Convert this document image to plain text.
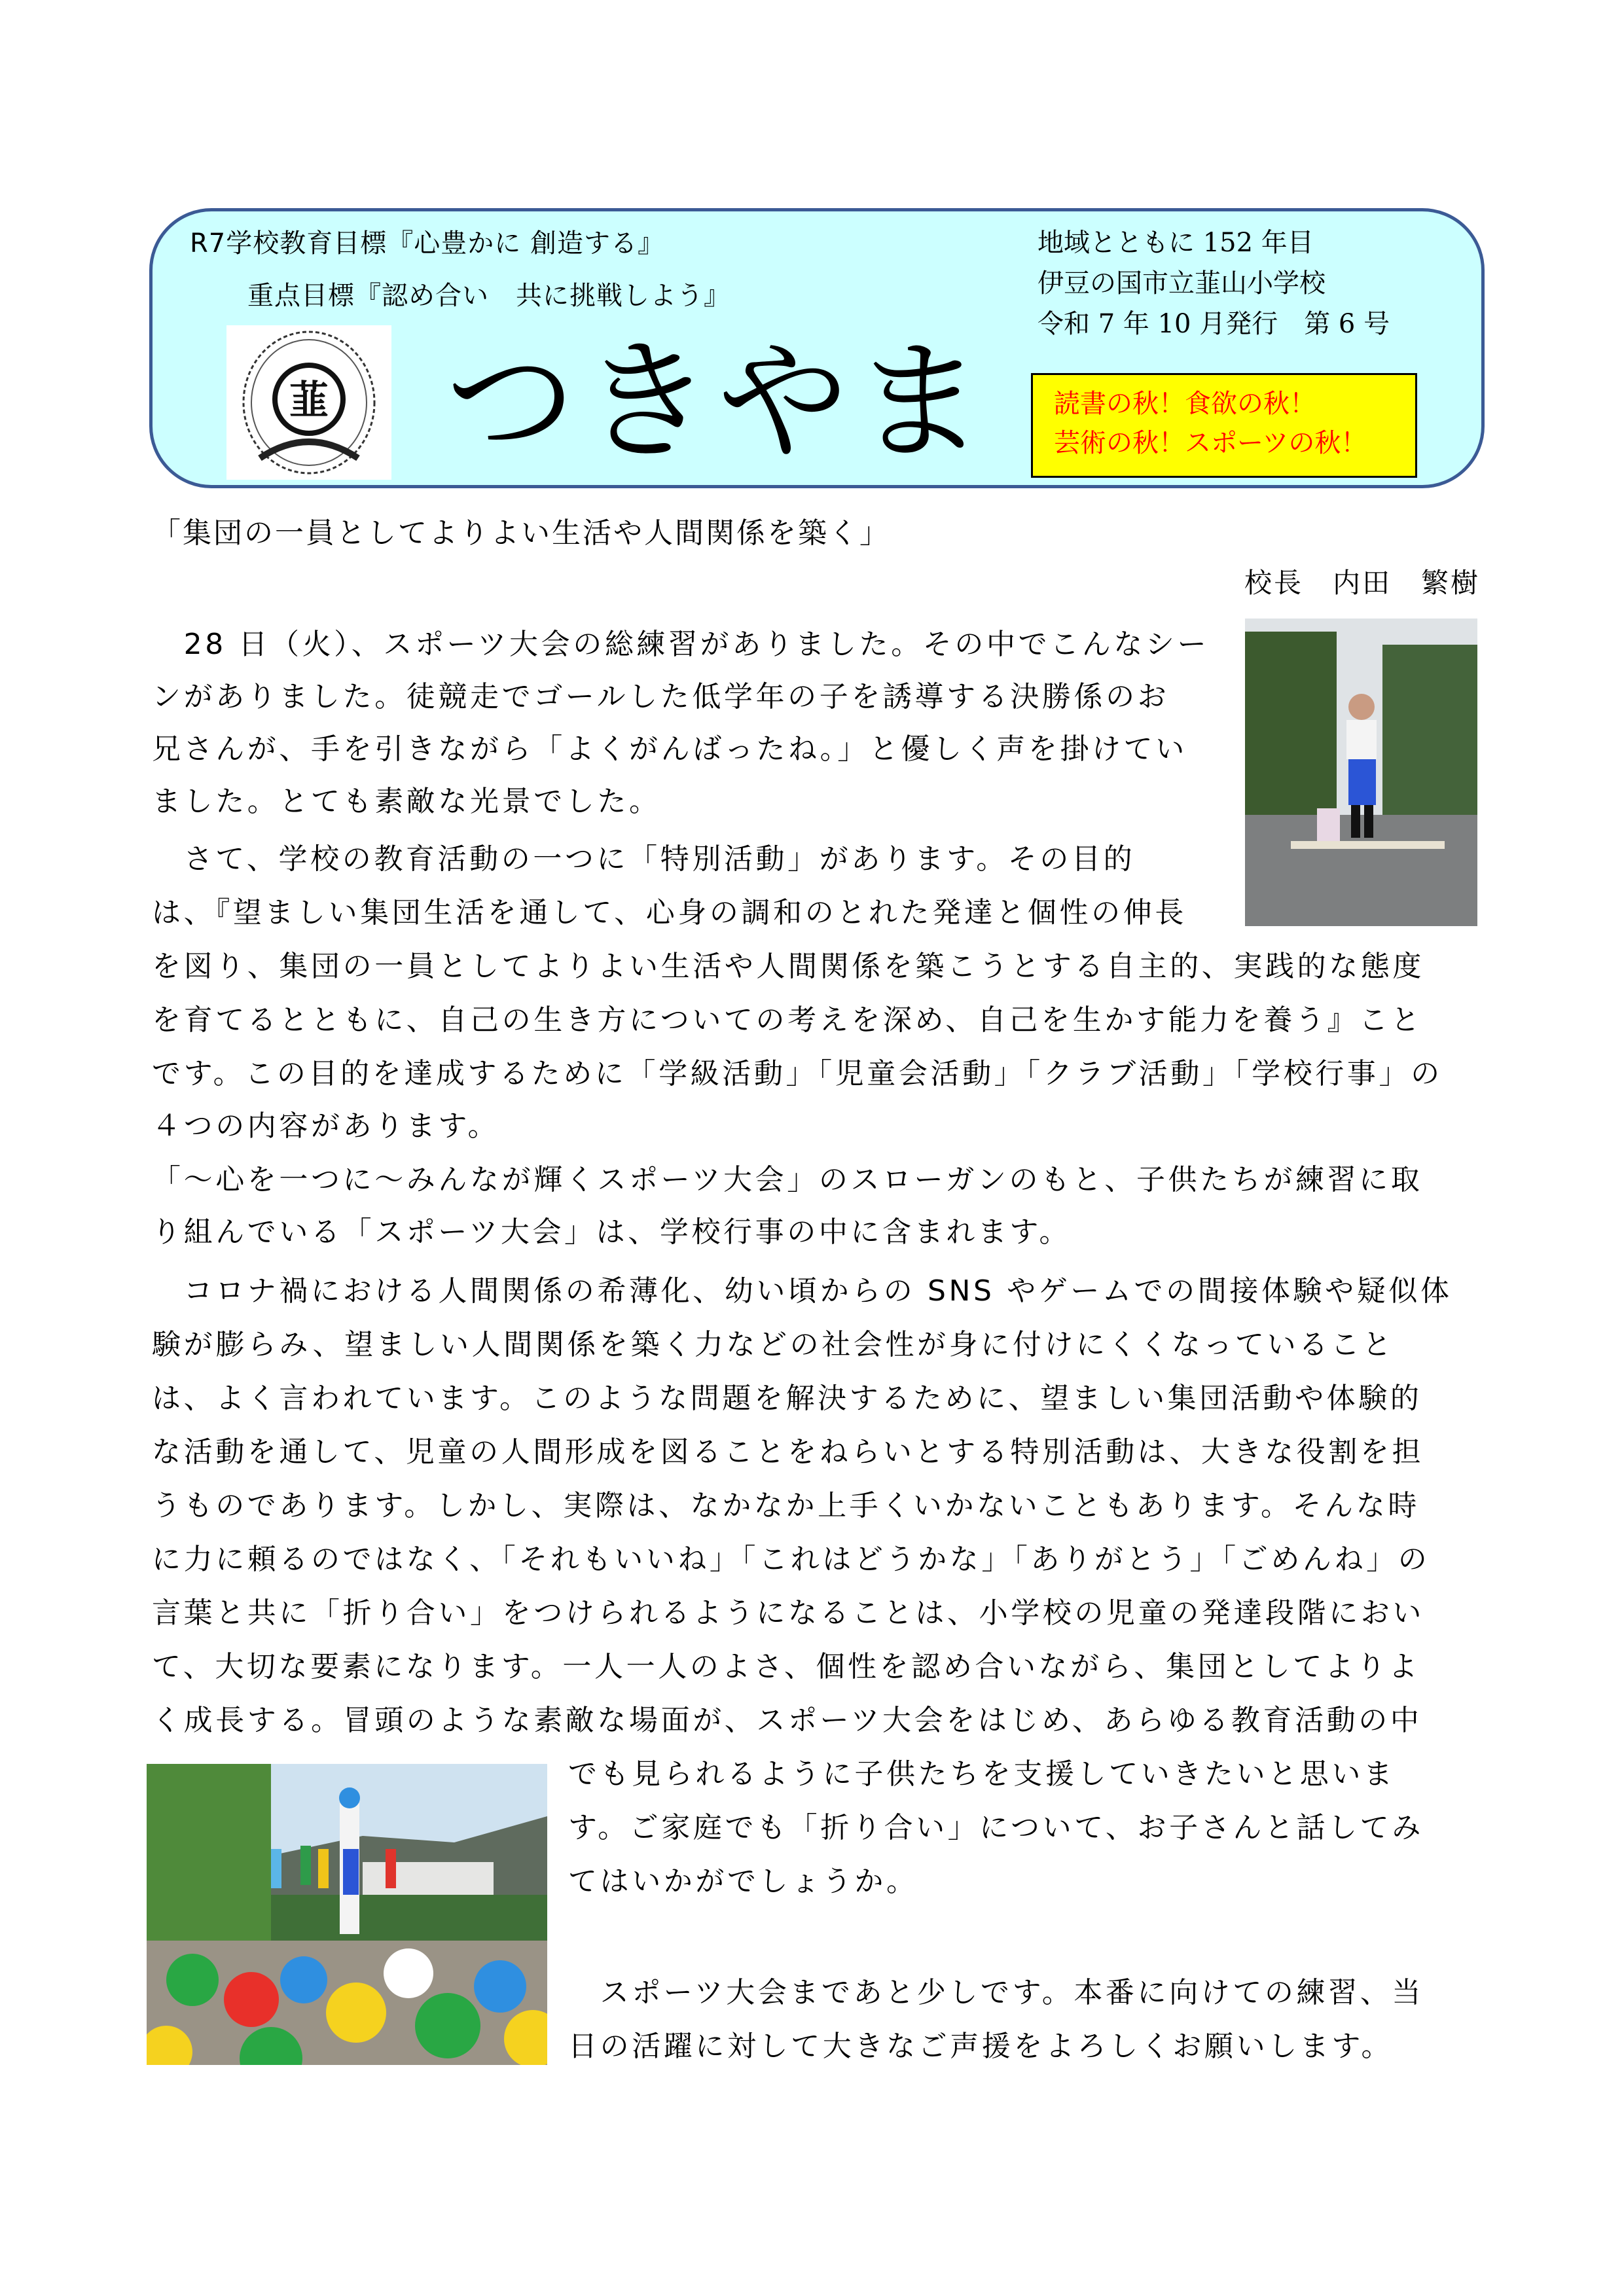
R7学校教育目標『心豊かに 創造する』
重点目標『認め合い　共に挑戦しよう』
韮 つきやま
地域とともに 152 年目
伊豆の国市立韮山小学校
令和 7 年 10 月発行　第 6 号
読書の秋！食欲の秋！
芸術の秋！スポーツの秋！
「集団の一員としてよりよい生活や人間関係を築く」
校長　内田　繁樹
　28 日（火）、スポーツ大会の総練習がありました。その中でこんなシー
ンがありました。徒競走でゴールした低学年の子を誘導する決勝係のお
兄さんが、手を引きながら「よくがんばったね。」と優しく声を掛けてい
ました。とても素敵な光景でした。
　さて、学校の教育活動の一つに「特別活動」があります。その目的
は、『望ましい集団生活を通して、心身の調和のとれた発達と個性の伸長
を図り、集団の一員としてよりよい生活や人間関係を築こうとする自主的、実践的な態度
を育てるとともに、自己の生き方についての考えを深め、自己を生かす能力を養う』こと
です。この目的を達成するために「学級活動」「児童会活動」「クラブ活動」「学校行事」の
４つの内容があります。
「～心を一つに～みんなが輝くスポーツ大会」のスローガンのもと、子供たちが練習に取
り組んでいる「スポーツ大会」は、学校行事の中に含まれます。
　コロナ禍における人間関係の希薄化、幼い頃からの SNS やゲームでの間接体験や疑似体
験が膨らみ、望ましい人間関係を築く力などの社会性が身に付けにくくなっていること
は、よく言われています。このような問題を解決するために、望ましい集団活動や体験的
な活動を通して、児童の人間形成を図ることをねらいとする特別活動は、大きな役割を担
うものであります。しかし、実際は、なかなか上手くいかないこともあります。そんな時
に力に頼るのではなく、「それもいいね」「これはどうかな」「ありがとう」「ごめんね」の
言葉と共に「折り合い」をつけられるようになることは、小学校の児童の発達段階におい
て、大切な要素になります。一人一人のよさ、個性を認め合いながら、集団としてよりよ
く成長する。冒頭のような素敵な場面が、スポーツ大会をはじめ、あらゆる教育活動の中
でも見られるように子供たちを支援していきたいと思いま
す。ご家庭でも「折り合い」について、お子さんと話してみ
てはいかがでしょうか。
　スポーツ大会まであと少しです。本番に向けての練習、当
日の活躍に対して大きなご声援をよろしくお願いします。
